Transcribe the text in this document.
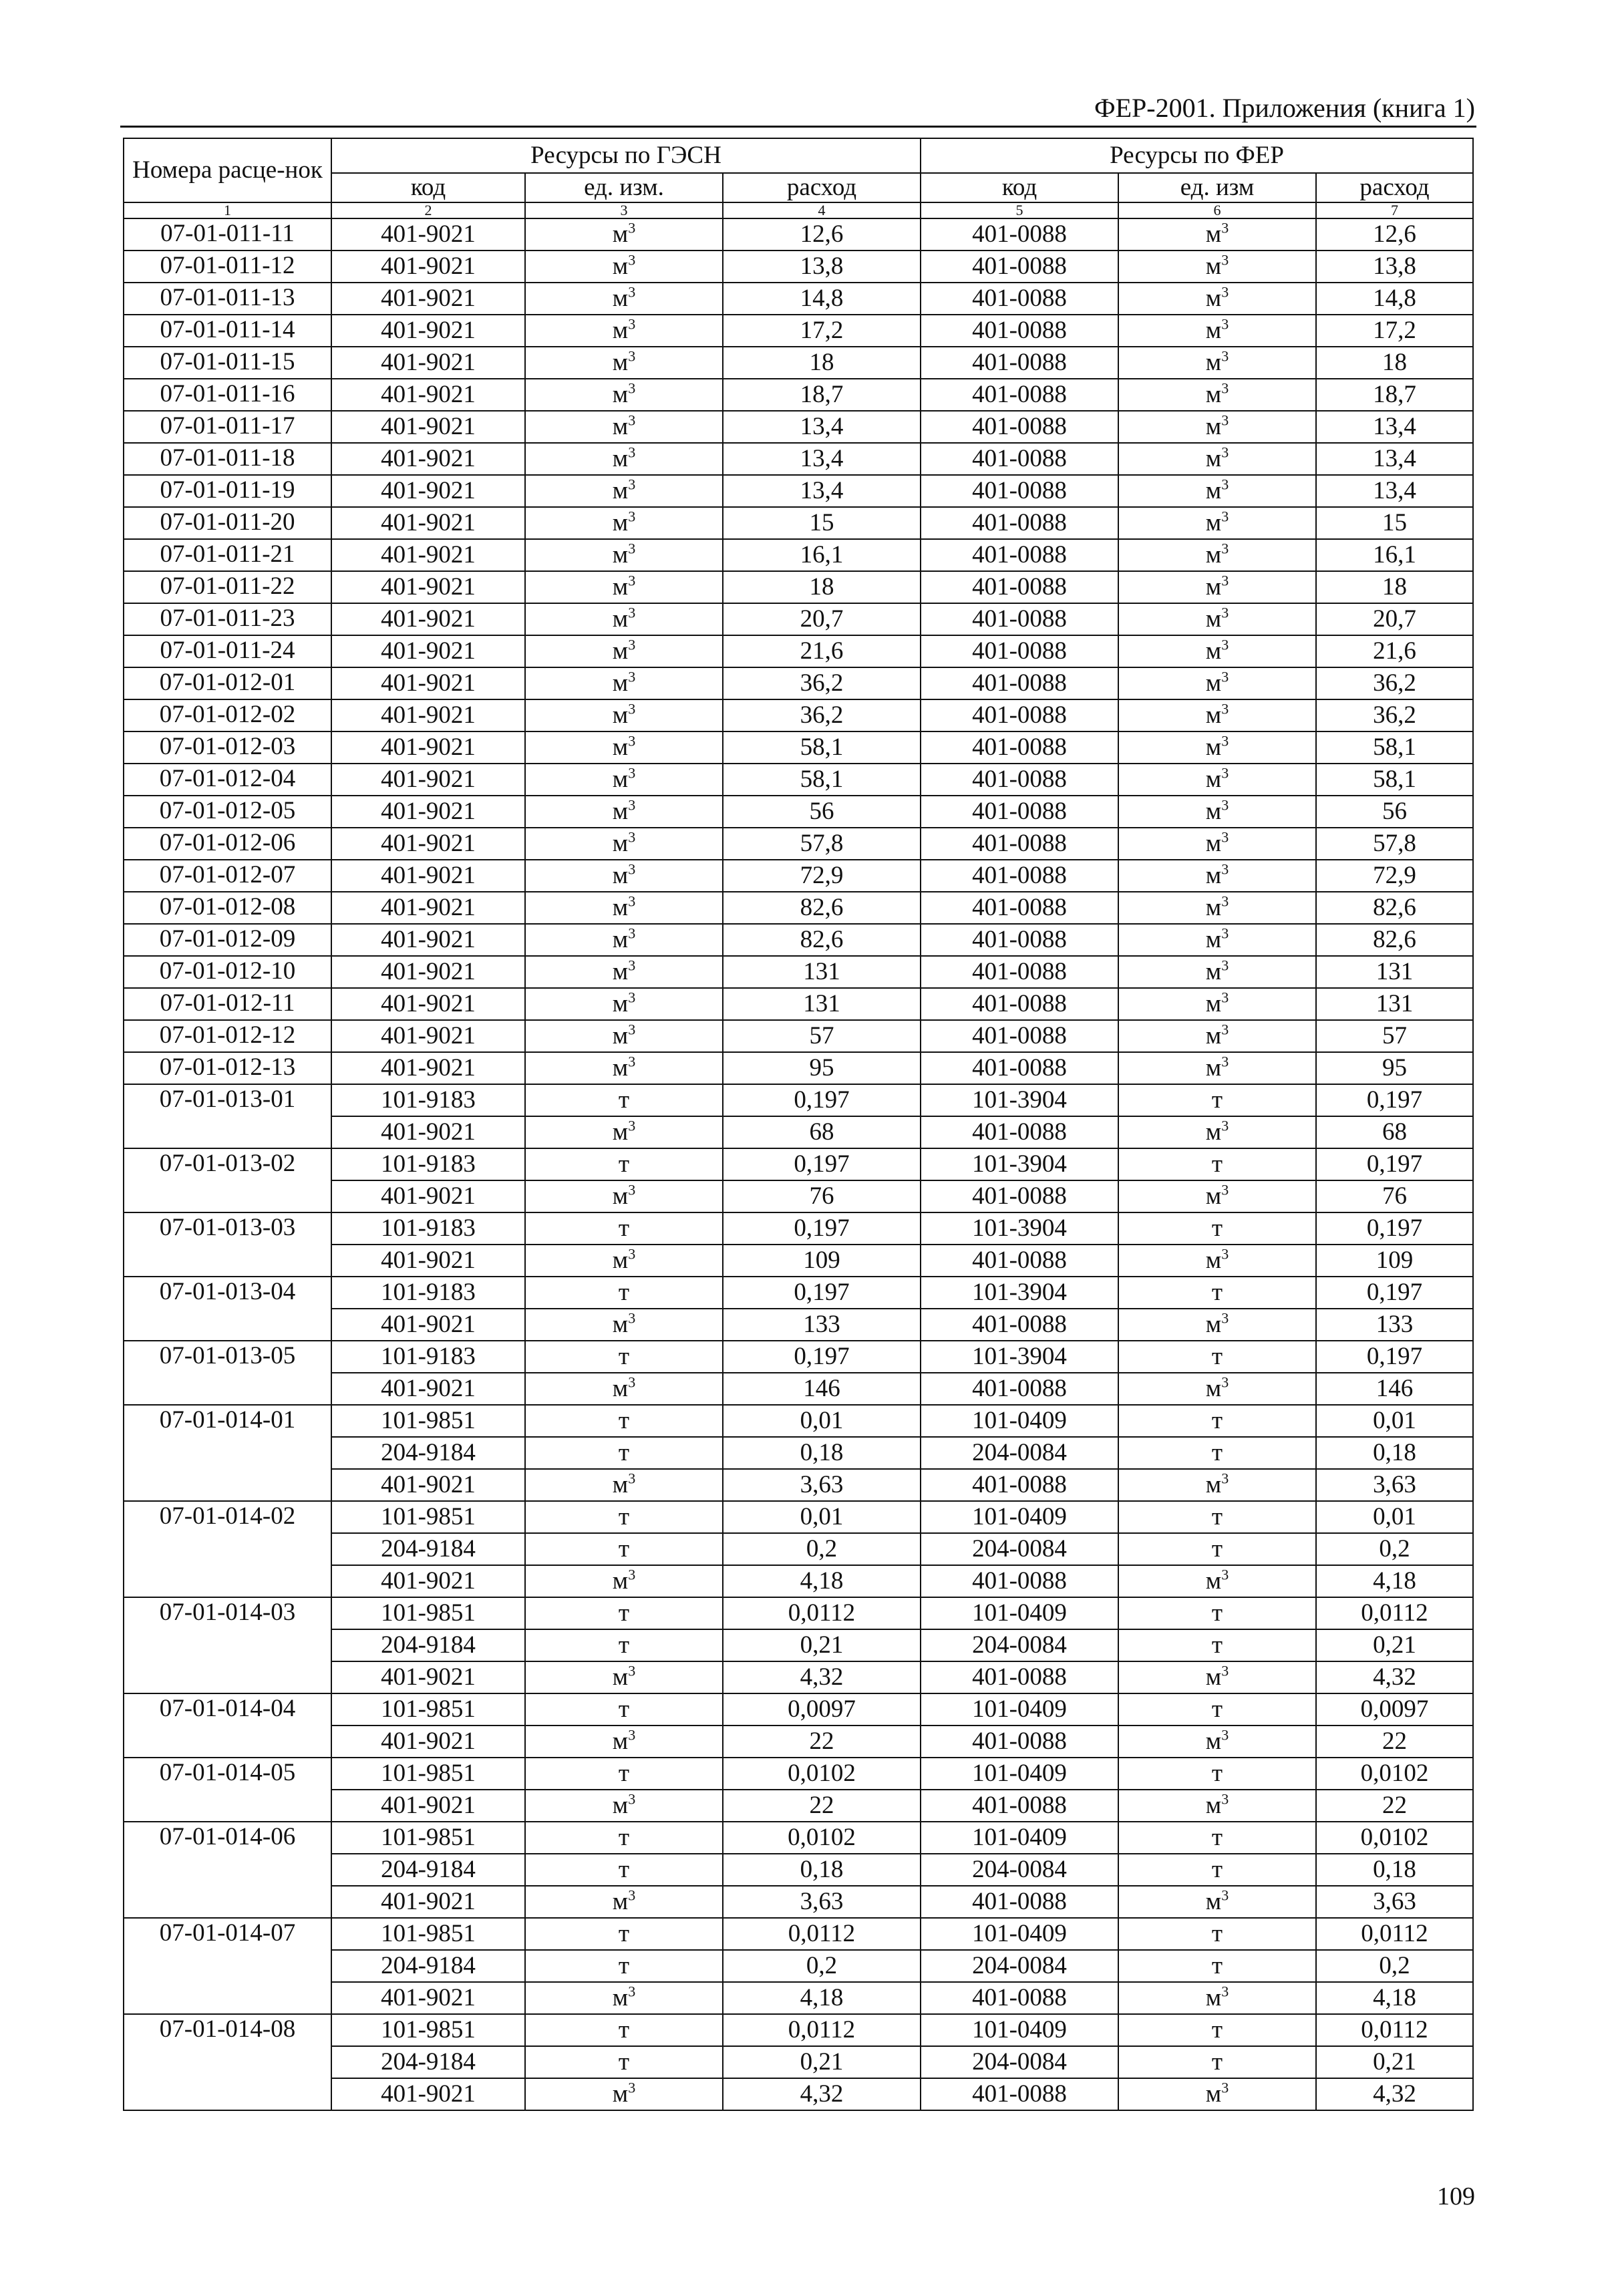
ФЕР-2001. Приложения (книга 1)
Номера расце-нок	Ресурсы по ГЭСН			Ресурсы по ФЕР		
	код	ед. изм.	расход	код	ед. изм	расход
1	2	3	4	5	6	7
07-01-011-11	401-9021	$м^3$	12,6	401-0088	$м^3$	12,6
07-01-011-12	401-9021	$м^3$	13,8	401-0088	$м^3$	13,8
07-01-011-13	401-9021	$м^3$	14,8	401-0088	$м^3$	14,8
07-01-011-14	401-9021	$м^3$	17,2	401-0088	$м^3$	17,2
07-01-011-15	401-9021	$м^3$	18	401-0088	$м^3$	18
07-01-011-16	401-9021	$м^3$	18,7	401-0088	$м^3$	18,7
07-01-011-17	401-9021	$м^3$	13,4	401-0088	$м^3$	13,4
07-01-011-18	401-9021	$м^3$	13,4	401-0088	$м^3$	13,4
07-01-011-19	401-9021	$м^3$	13,4	401-0088	$м^3$	13,4
07-01-011-20	401-9021	$м^3$	15	401-0088	$м^3$	15
07-01-011-21	401-9021	$м^3$	16,1	401-0088	$м^3$	16,1
07-01-011-22	401-9021	$м^3$	18	401-0088	$м^3$	18
07-01-011-23	401-9021	$м^3$	20,7	401-0088	$м^3$	20,7
07-01-011-24	401-9021	$м^3$	21,6	401-0088	$м^3$	21,6
07-01-012-01	401-9021	$м^3$	36,2	401-0088	$м^3$	36,2
07-01-012-02	401-9021	$м^3$	36,2	401-0088	$м^3$	36,2
07-01-012-03	401-9021	$м^3$	58,1	401-0088	$м^3$	58,1
07-01-012-04	401-9021	$м^3$	58,1	401-0088	$м^3$	58,1
07-01-012-05	401-9021	$м^3$	56	401-0088	$м^3$	56
07-01-012-06	401-9021	$м^3$	57,8	401-0088	$м^3$	57,8
07-01-012-07	401-9021	$м^3$	72,9	401-0088	$м^3$	72,9
07-01-012-08	401-9021	$м^3$	82,6	401-0088	$м^3$	82,6
07-01-012-09	401-9021	$м^3$	82,6	401-0088	$м^3$	82,6
07-01-012-10	401-9021	$м^3$	131	401-0088	$м^3$	131
07-01-012-11	401-9021	$м^3$	131	401-0088	$м^3$	131
07-01-012-12	401-9021	$м^3$	57	401-0088	$м^3$	57
07-01-012-13	401-9021	$м^3$	95	401-0088	$м^3$	95
07-01-013-01	101-9183	т	0,197	101-3904	т	0,197
	401-9021	$м^3$	68	401-0088	$м^3$	68
07-01-013-02	101-9183	т	0,197	101-3904	т	0,197
	401-9021	$м^3$	76	401-0088	$м^3$	76
07-01-013-03	101-9183	т	0,197	101-3904	т	0,197
	401-9021	$м^3$	109	401-0088	$м^3$	109
07-01-013-04	101-9183	т	0,197	101-3904	т	0,197
	401-9021	$м^3$	133	401-0088	$м^3$	133
07-01-013-05	101-9183	т	0,197	101-3904	т	0,197
	401-9021	$м^3$	146	401-0088	$м^3$	146
07-01-014-01	101-9851	т	0,01	101-0409	т	0,01
	204-9184	т	0,18	204-0084	т	0,18
	401-9021	$м^3$	3,63	401-0088	$м^3$	3,63
07-01-014-02	101-9851	т	0,01	101-0409	т	0,01
	204-9184	т	0,2	204-0084	т	0,2
	401-9021	$м^3$	4,18	401-0088	$м^3$	4,18
07-01-014-03	101-9851	т	0,0112	101-0409	т	0,0112
	204-9184	т	0,21	204-0084	т	0,21
	401-9021	$м^3$	4,32	401-0088	$м^3$	4,32
07-01-014-04	101-9851	т	0,0097	101-0409	т	0,0097
	401-9021	$м^3$	22	401-0088	$м^3$	22
07-01-014-05	101-9851	т	0,0102	101-0409	т	0,0102
	401-9021	$м^3$	22	401-0088	$м^3$	22
07-01-014-06	101-9851	т	0,0102	101-0409	т	0,0102
	204-9184	т	0,18	204-0084	т	0,18
	401-9021	$м^3$	3,63	401-0088	$м^3$	3,63
07-01-014-07	101-9851	т	0,0112	101-0409	т	0,0112
	204-9184	т	0,2	204-0084	т	0,2
	401-9021	$м^3$	4,18	401-0088	$м^3$	4,18
07-01-014-08	101-9851	т	0,0112	101-0409	т	0,0112
	204-9184	т	0,21	204-0084	т	0,21
	401-9021	$м^3$	4,32	401-0088	$м^3$	4,32
109
